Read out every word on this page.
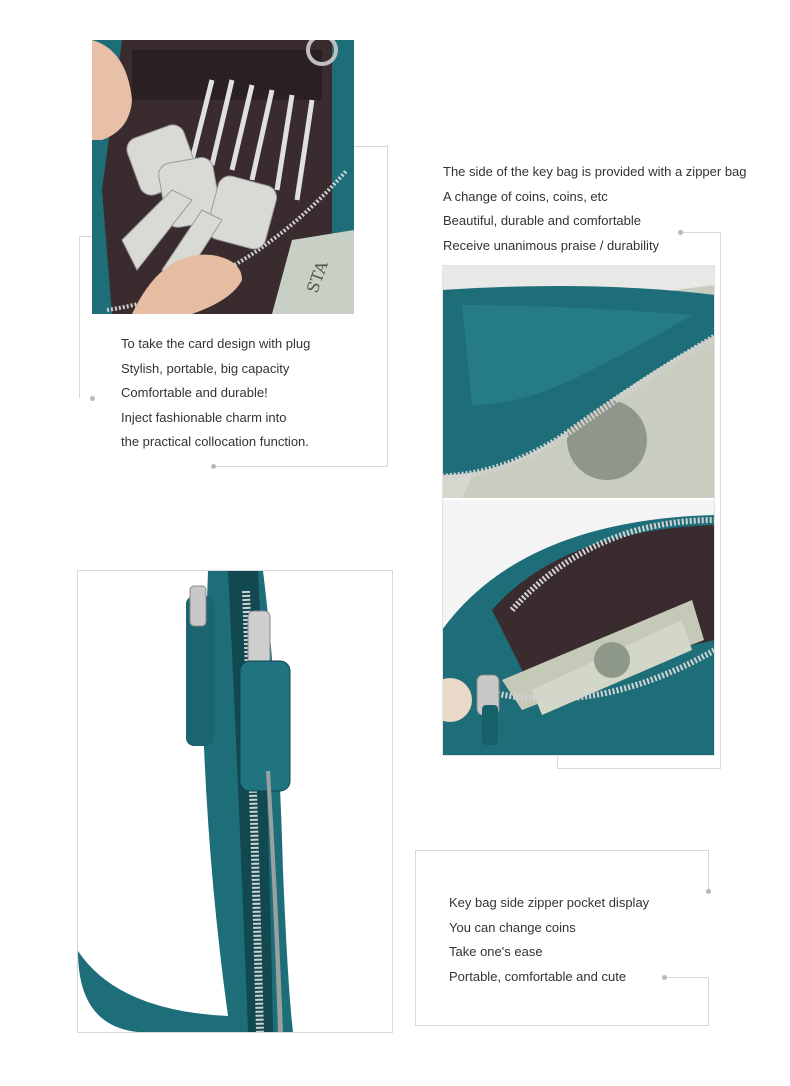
STA
To take the card design with plug
Stylish, portable, big capacity
Comfortable and durable!
Inject fashionable charm into
the practical collocation function.
The side of the key bag is provided with a zipper bag
A change of coins, coins, etc
Beautiful, durable and comfortable
Receive unanimous praise / durability
Key bag side zipper pocket display
You can change coins
Take one's ease
Portable, comfortable and cute
